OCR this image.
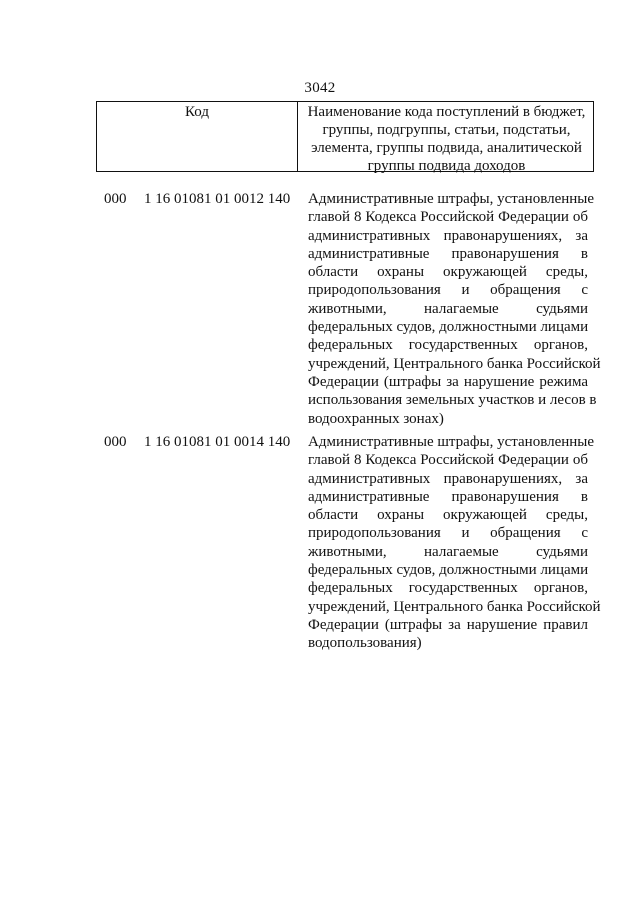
3042
Код	Наименование кода поступлений в бюджет,
группы, подгруппы, статьи, подстатьи,
элемента, группы подвида, аналитической
группы подвида доходов
000 1 16 01081 01 0012 140 Административные штрафы, установленные
главой 8 Кодекса Российской Федерации об
административных правонарушениях, за
административные правонарушения в
области охраны окружающей среды,
природопользования и обращения с
животными, налагаемые судьями
федеральных судов, должностными лицами
федеральных государственных органов,
учреждений, Центрального банка Российской
Федерации (штрафы за нарушение режима
использования земельных участков и лесов в
водоохранных зонах)
000 1 16 01081 01 0014 140 Административные штрафы, установленные
главой 8 Кодекса Российской Федерации об
административных правонарушениях, за
административные правонарушения в
области охраны окружающей среды,
природопользования и обращения с
животными, налагаемые судьями
федеральных судов, должностными лицами
федеральных государственных органов,
учреждений, Центрального банка Российской
Федерации (штрафы за нарушение правил
водопользования)
